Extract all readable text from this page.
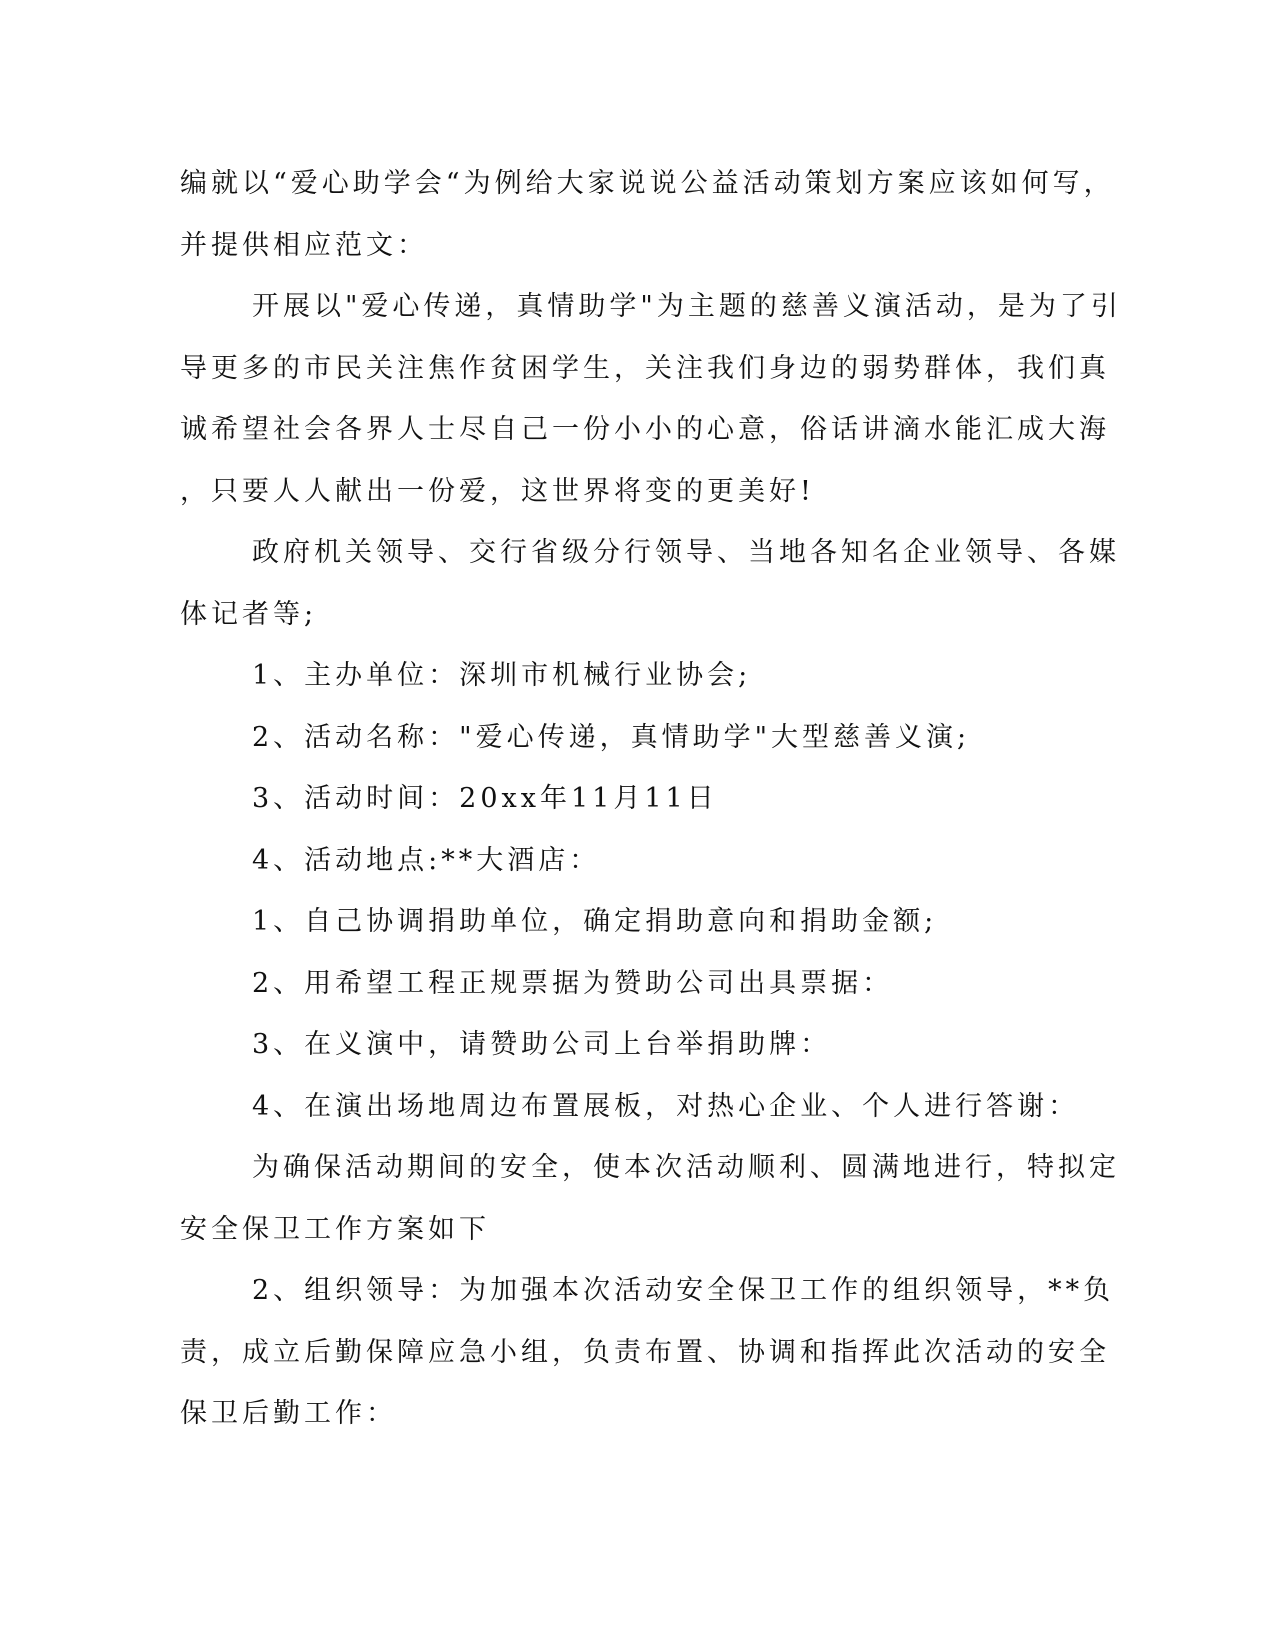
编就以“爱心助学会“为例给大家说说公益活动策划方案应该如何写，
并提供相应范文：
开展以"爱心传递，真情助学"为主题的慈善义演活动，是为了引
导更多的市民关注焦作贫困学生，关注我们身边的弱势群体，我们真
诚希望社会各界人士尽自己一份小小的心意，俗话讲滴水能汇成大海
，只要人人献出一份爱，这世界将变的更美好!
政府机关领导、交行省级分行领导、当地各知名企业领导、各媒
体记者等;
1、主办单位：深圳市机械行业协会;
2、活动名称："爱心传递，真情助学"大型慈善义演;
3、活动时间：20xx年11月11日
4、活动地点:**大酒店：
1、自己协调捐助单位，确定捐助意向和捐助金额;
2、用希望工程正规票据为赞助公司出具票据：
3、在义演中，请赞助公司上台举捐助牌：
4、在演出场地周边布置展板，对热心企业、个人进行答谢：
为确保活动期间的安全，使本次活动顺利、圆满地进行，特拟定
安全保卫工作方案如下
2、组织领导：为加强本次活动安全保卫工作的组织领导，**负
责，成立后勤保障应急小组，负责布置、协调和指挥此次活动的安全
保卫后勤工作：
